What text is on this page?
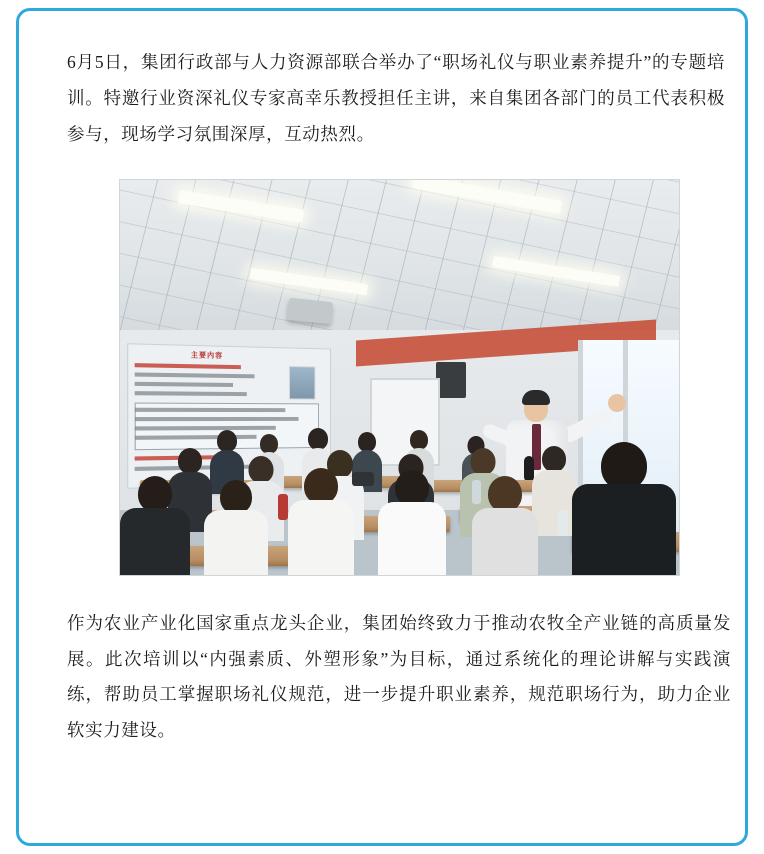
6月5日，集团行政部与人力资源部联合举办了“职场礼仪与职业素养提升”的专题培训。特邀行业资深礼仪专家高幸乐教授担任主讲，来自集团各部门的员工代表积极参与，现场学习氛围深厚，互动热烈。

主要内容

作为农业产业化国家重点龙头企业，集团始终致力于推动农牧全产业链的高质量发展。此次培训以“内强素质、外塑形象”为目标，通过系统化的理论讲解与实践演练，帮助员工掌握职场礼仪规范，进一步提升职业素养，规范职场行为，助力企业软实力建设。
